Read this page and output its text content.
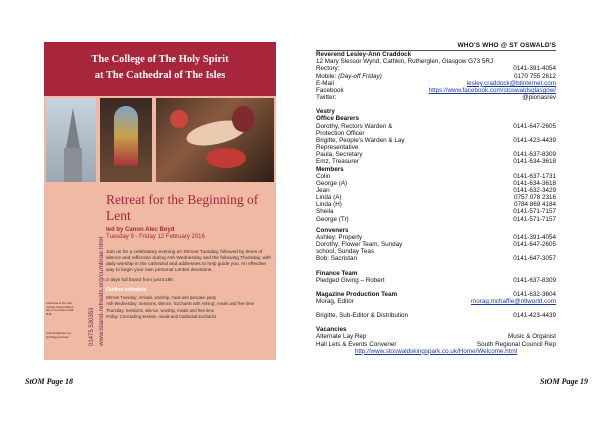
The College of The Holy Spirit
at The Cathedral of The Isles
Cathedral of the Isles College Street Millport Isle of Cumbrae KA28 0HE
cathedral@isles.org · @collegecumbrae	01475 530353 www.island-retreats.org/cumbrae.html
Retreat for the Beginning of Lent
led by Canon Alec Boyd
Tuesday 9 - Friday 12 February 2016
Join us for a celebratory evening on Shrove Tuesday, followed by times of silence and reflection during Ash Wednesday and the following Thursday, with daily worship in the cathedral and addresses to help guide you. An effective way to begin your own personal Lenten devotions.
3 days full board from just £186
Outline schedule
Shrove Tuesday: Arrivals, worship, meal and pancake party
Ash Wednesday: Sessions, silence, 'Eucharist with Ashing', meals and free time
Thursday: Sessions, silence, worship, meals and free time
Friday: Concluding session, meals and Cathedral Eucharist
StOM Page 18	StOM Page 19
WHO'S WHO @ ST OSWALD'S
Reverend Lesley-Ann Craddock
12 Mary Slessor Wynd, Cathkin, Rutherglen, Glasgow G73 5RJ
Rectory:	0141-391-4054
Mobile: (Day-off Friday)	0170 755 2612
E-Mail	lesley.craddock@btinternet.com
Facebook	https://www.facebook.com/stoswaldsglasgow/
Twitter:	@pionasrev
Vestry
Office Bearers
Dorothy, Rectors Warden &	0141-647-2605
Protection Officer
Brigitte, People's Warden & Lay	0141-423-4439
Representative
Paula, Secretary	0141-637-8309
Emz, Treasurer	0141-634-3618
Members
Colin	0141-637-1731
George (A)	0141-634-3618
Jean	0141-632-3429
Linda (A)	0757 078 2316
Linda (H)	0784 869 4184
Sheila	0141-571-7157
George (Tr)	0141-571-7157
Conveners
Ashley: Property	0141-391-4054
Dorothy: Flower Team, Sunday	0141-647-2605
school, Sunday Teas
Bob: Sacristan	0141-647-3057
Finance Team
Pledged Giving – Robert	0141-637-8309
Magazine Production Team	0141-632-3604
Morag, Editor	morag.mchaffie@ntlworld.com
Brigitte, Sub-Editor & Distribution	0141-423-4439
Vacancies
Alternate Lay Rep	Music & Organist
Hall Lets & Events Convener	South Regional Council Rep
http://www.stoswaldskingspark.co.uk/Home/Welcome.html
